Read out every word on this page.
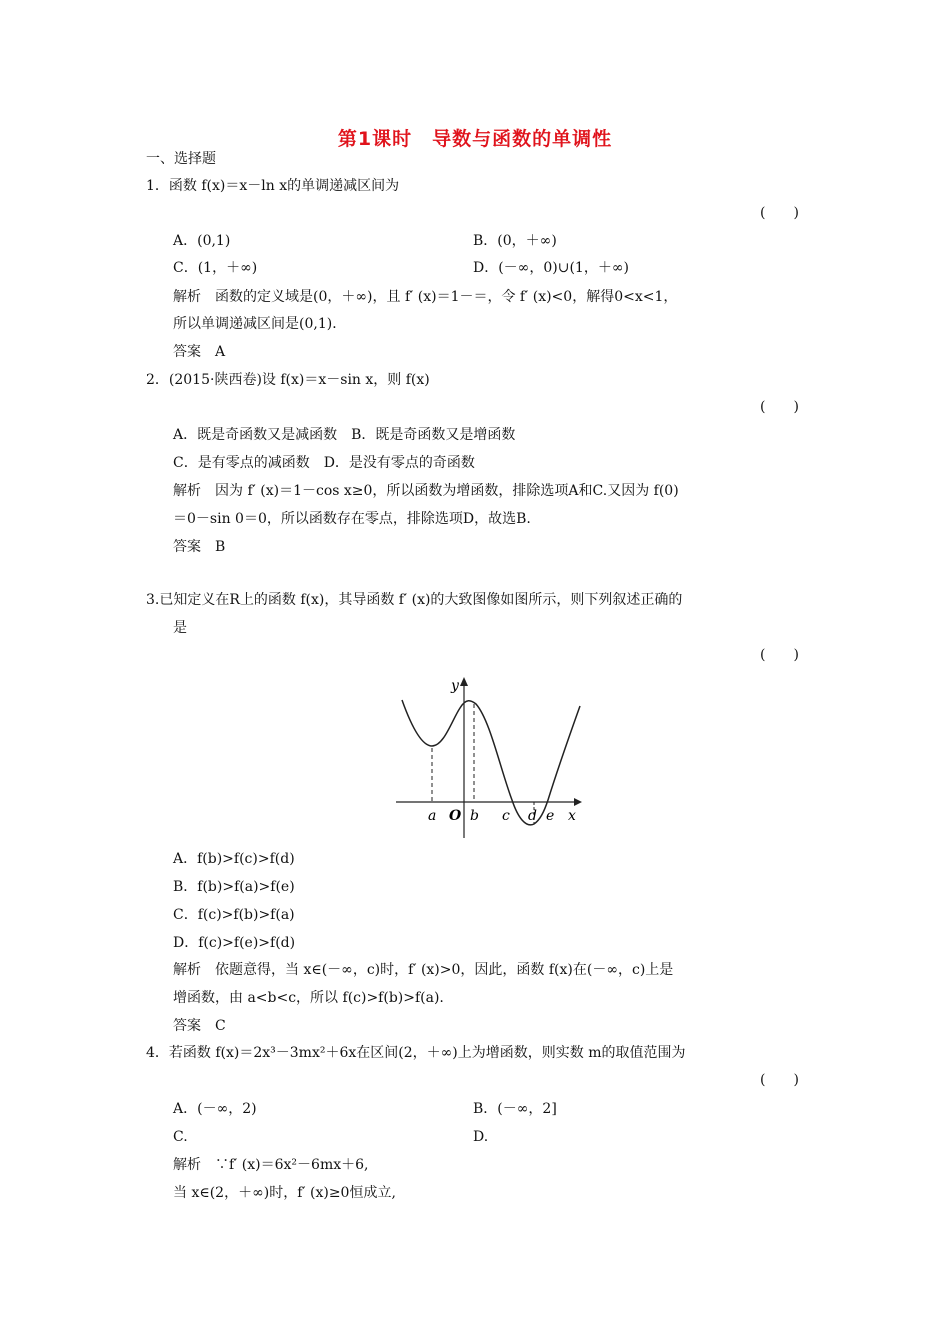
第1课时　导数与函数的单调性
一、选择题
1．函数 f(x)＝x－ln x的单调递减区间为
(　　)
A．(0,1)	B．(0，＋∞)
C．(1，＋∞)	D．(－∞，0)∪(1，＋∞)
解析　函数的定义域是(0，＋∞)，且 f′ (x)＝1－＝，令 f′ (x)<0，解得0<x<1，
所以单调递减区间是(0,1)．
答案　A
2．(2015·陕西卷)设 f(x)＝x－sin x，则 f(x)
(　　)
A．既是奇函数又是减函数　B．既是奇函数又是增函数
C．是有零点的减函数　D．是没有零点的奇函数
解析　因为 f′ (x)＝1－cos x≥0，所以函数为增函数，排除选项A和C.又因为 f(0)
＝0－sin 0＝0，所以函数存在零点，排除选项D，故选B.
答案　B
3.已知定义在R上的函数 f(x)，其导函数 f′ (x)的大致图像如图所示，则下列叙述正确的
是
(　　)
y
x
a O b c d e
A．f(b)>f(c)>f(d)
B．f(b)>f(a)>f(e)
C．f(c)>f(b)>f(a)
D．f(c)>f(e)>f(d)
解析　依题意得，当 x∈(－∞，c)时，f′ (x)>0，因此，函数 f(x)在(－∞，c)上是
增函数，由 a<b<c，所以 f(c)>f(b)>f(a).
答案　C
4．若函数 f(x)＝2x³－3mx²＋6x在区间(2，＋∞)上为增函数，则实数 m的取值范围为
(　　)
A．(－∞，2)	B．(－∞，2]
C.	D.
解析　∵f′ (x)＝6x²－6mx＋6,
当 x∈(2，＋∞)时，f′ (x)≥0恒成立,
